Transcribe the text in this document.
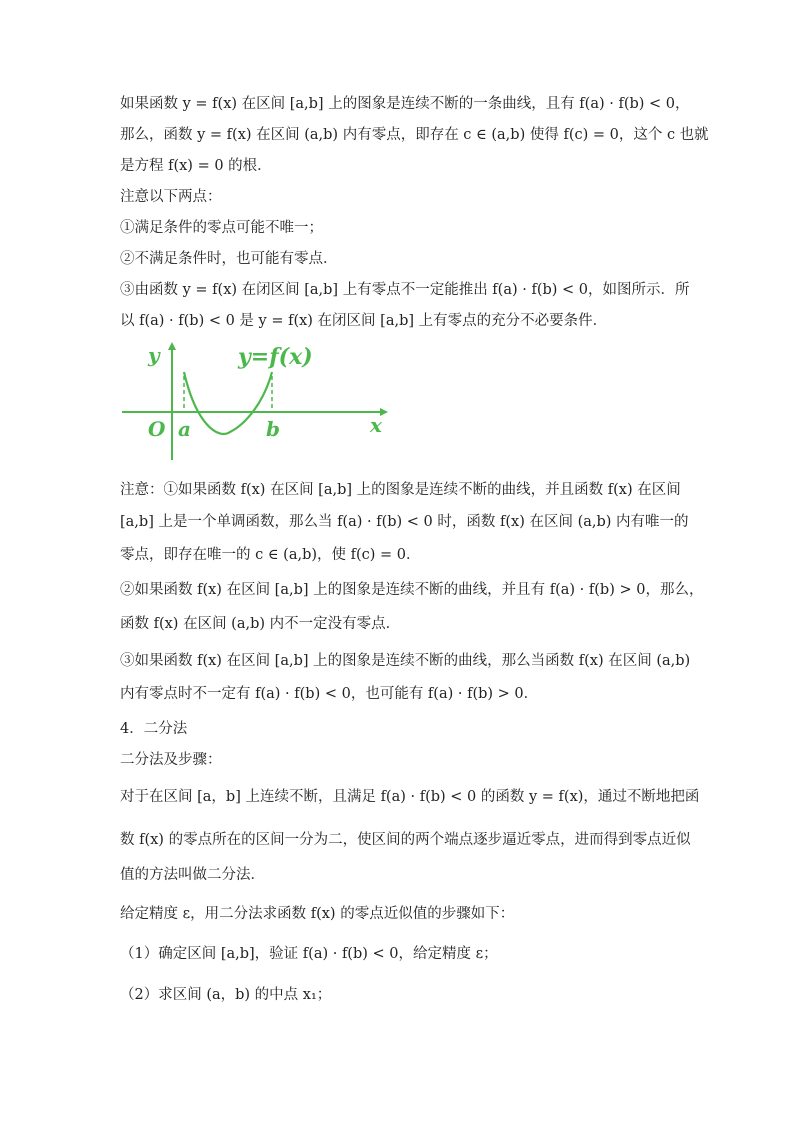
如果函数 y = f(x) 在区间 [a,b] 上的图象是连续不断的一条曲线，且有 f(a) · f(b) < 0，
那么，函数 y = f(x) 在区间 (a,b) 内有零点，即存在 c ∈ (a,b) 使得 f(c) = 0，这个 c 也就
是方程 f(x) = 0 的根．
注意以下两点：
①满足条件的零点可能不唯一；
②不满足条件时，也可能有零点．
③由函数 y = f(x) 在闭区间 [a,b] 上有零点不一定能推出 f(a) · f(b) < 0，如图所示．所
y
x
O a	b
y=f(x)
注意：①如果函数 f(x) 在区间 [a,b] 上的图象是连续不断的曲线，并且函数 f(x) 在区间
[a,b] 上是一个单调函数，那么当 f(a) · f(b) < 0 时，函数 f(x) 在区间 (a,b) 内有唯一的
零点，即存在唯一的 c ∈ (a,b)，使 f(c) = 0．
②如果函数 f(x) 在区间 [a,b] 上的图象是连续不断的曲线，并且有 f(a) · f(b) > 0，那么，
函数 f(x) 在区间 (a,b) 内不一定没有零点．
③如果函数 f(x) 在区间 [a,b] 上的图象是连续不断的曲线，那么当函数 f(x) 在区间 (a,b)
内有零点时不一定有 f(a) · f(b) < 0，也可能有 f(a) · f(b) > 0．
4．二分法
二分法及步骤：
对于在区间 [a，b] 上连续不断，且满足 f(a) · f(b) < 0 的函数 y = f(x)，通过不断地把函
数 f(x) 的零点所在的区间一分为二，使区间的两个端点逐步逼近零点，进而得到零点近似
值的方法叫做二分法．
给定精度 ε，用二分法求函数 f(x) 的零点近似值的步骤如下：
（1）确定区间 [a,b]，验证 f(a) · f(b) < 0，给定精度 ε；
（2）求区间 (a，b) 的中点 x₁；
以 f(a) · f(b) < 0 是 y = f(x) 在闭区间 [a,b] 上有零点的充分不必要条件．
